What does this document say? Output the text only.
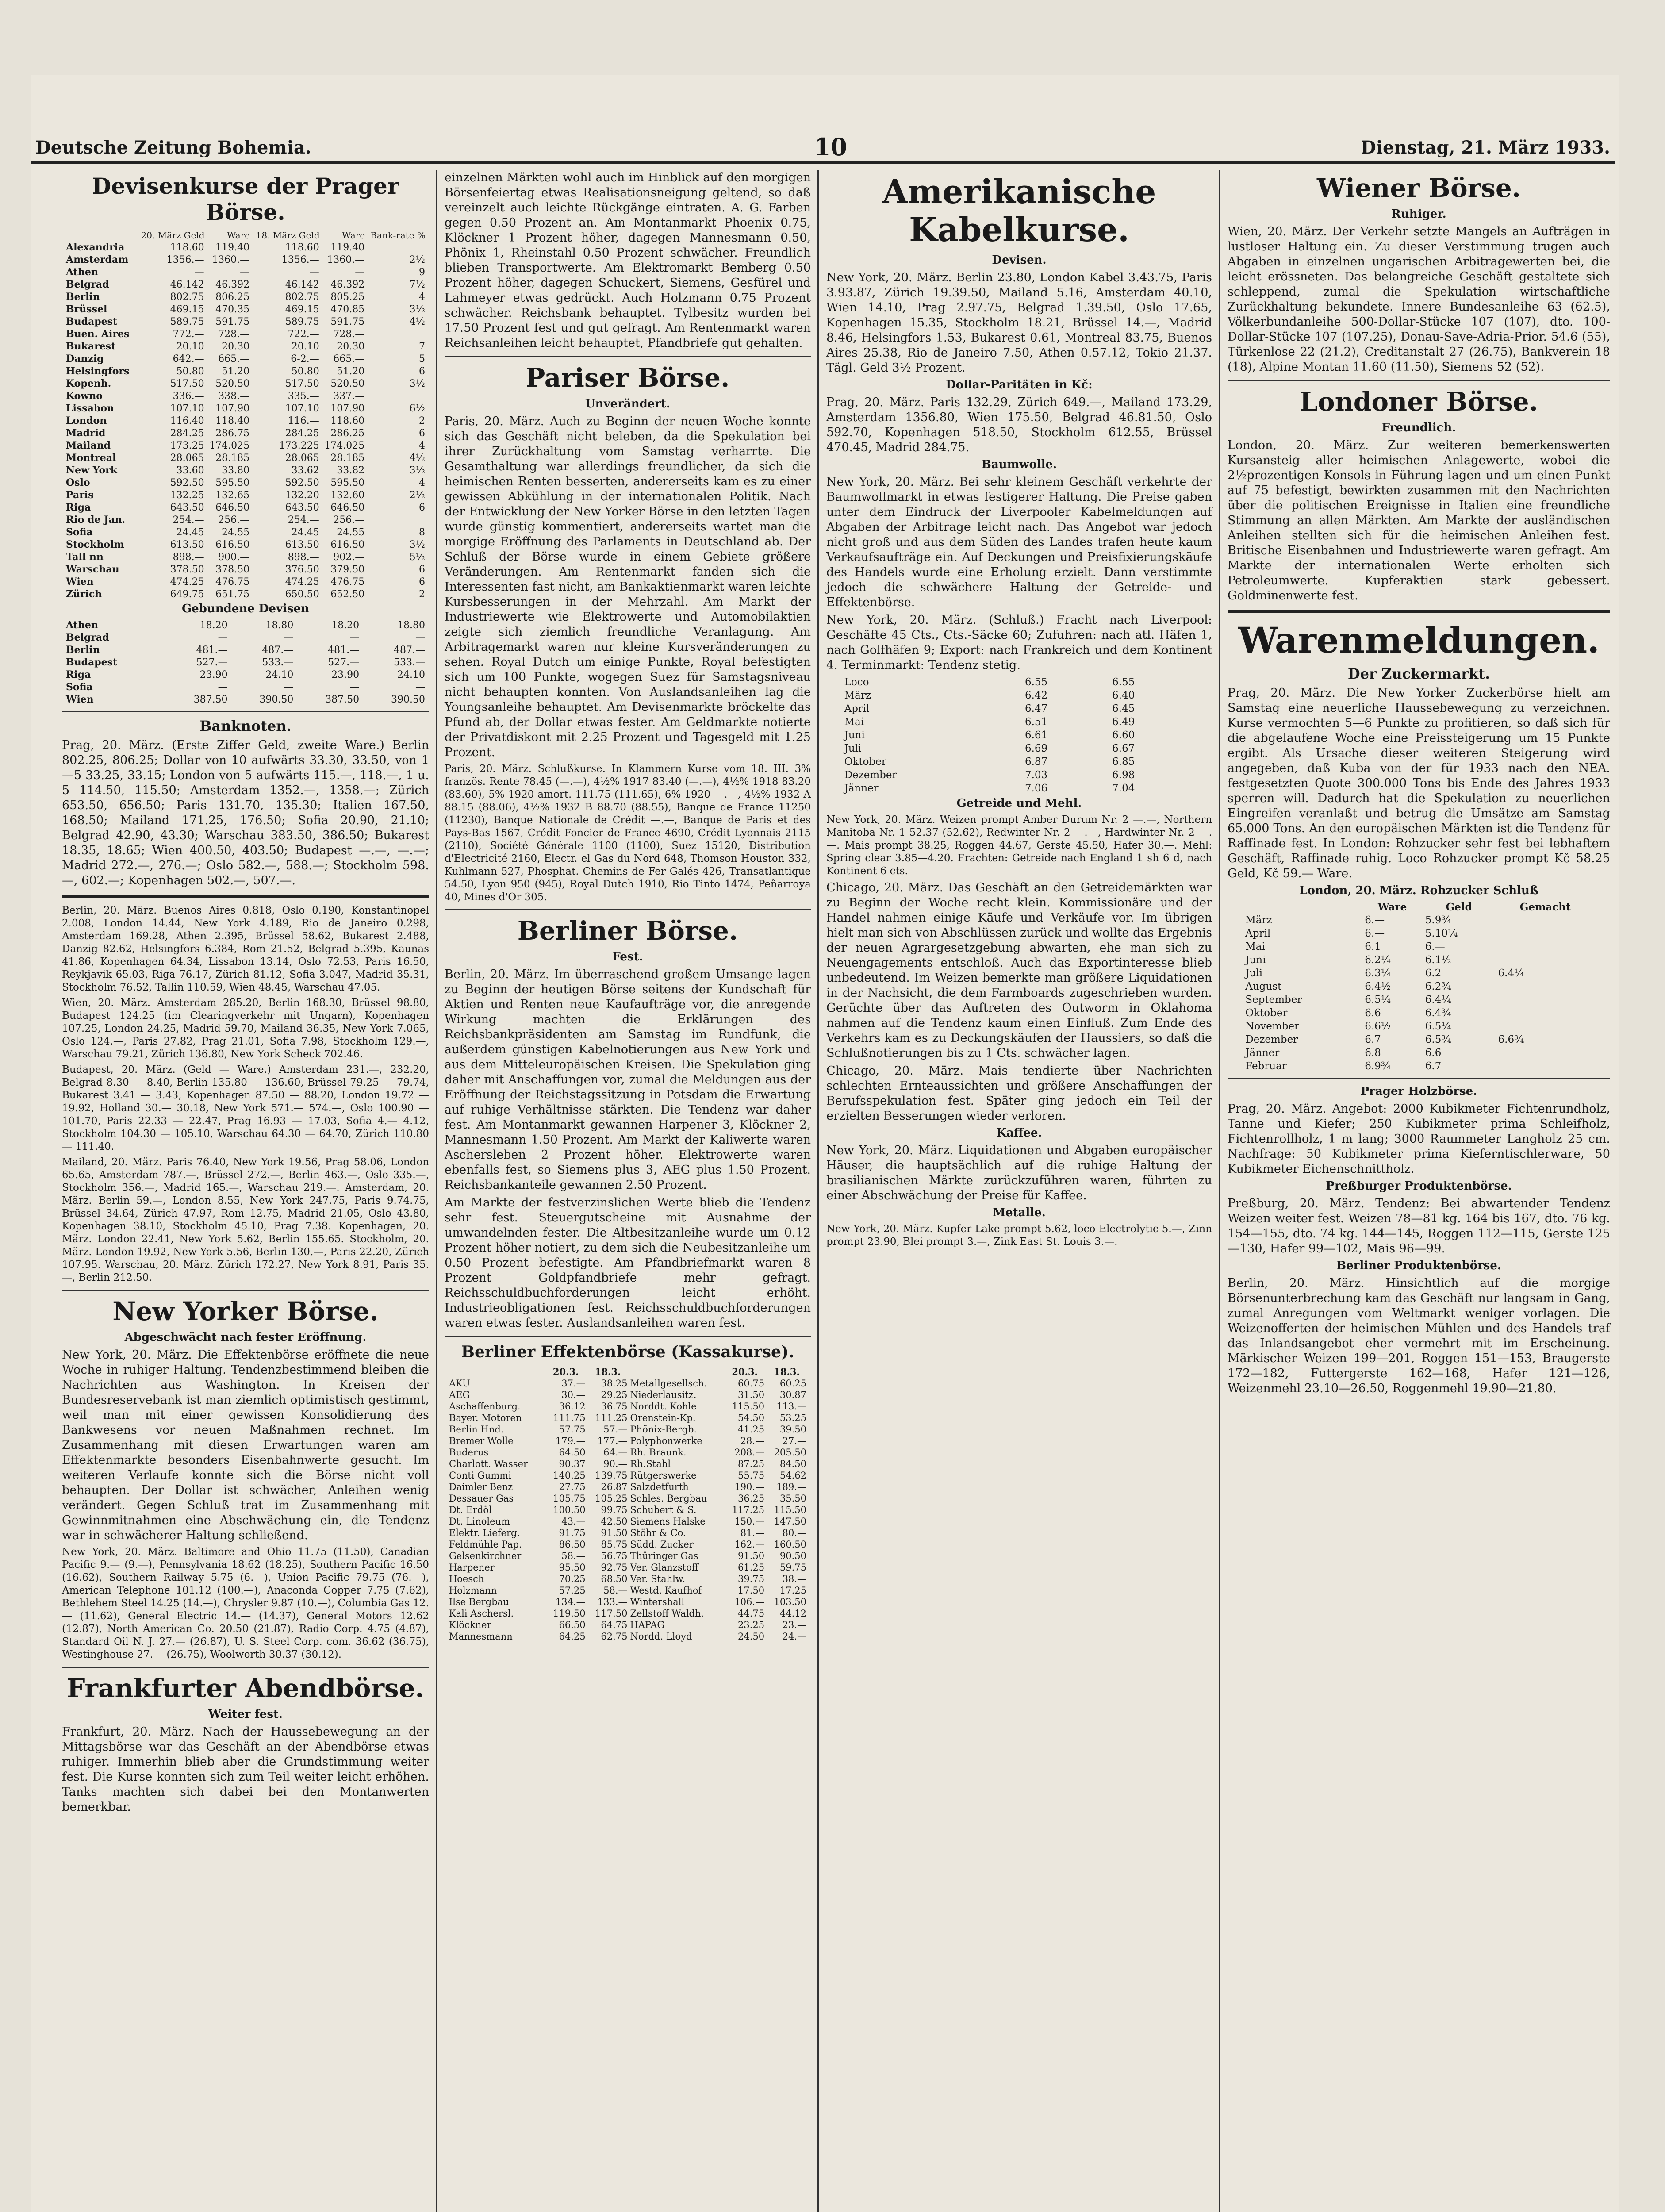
Deutsche Zeitung Bohemia.	10	Dienstag, 21. März 1933.
Devisenkurse der Prager Börse.
	20. März Geld	Ware	18. März Geld	Ware	Bank-rate %
Alexandria	118.60	119.40	118.60	119.40	
Amsterdam	1356.—	1360.—	1356.—	1360.—	2½
Athen	—	—	—	—	9
Belgrad	46.142	46.392	46.142	46.392	7½
Berlin	802.75	806.25	802.75	805.25	4
Brüssel	469.15	470.35	469.15	470.85	3½
Budapest	589.75	591.75	589.75	591.75	4½
Buen. Aires	772.—	728.—	722.—	728.—	
Bukarest	20.10	20.30	20.10	20.30	7
Danzig	642.—	665.—	6-2.—	665.—	5
Helsingfors	50.80	51.20	50.80	51.20	6
Kopenh.	517.50	520.50	517.50	520.50	3½
Kowno	336.—	338.—	335.—	337.—	
Lissabon	107.10	107.90	107.10	107.90	6½
London	116.40	118.40	116.—	118.60	2
Madrid	284.25	286.75	284.25	286.25	6
Mailand	173.25	174.025	173.225	174.025	4
Montreal	28.065	28.185	28.065	28.185	4½
New York	33.60	33.80	33.62	33.82	3½
Oslo	592.50	595.50	592.50	595.50	4
Paris	132.25	132.65	132.20	132.60	2½
Riga	643.50	646.50	643.50	646.50	6
Rio de Jan.	254.—	256.—	254.—	256.—	
Sofia	24.45	24.55	24.45	24.55	8
Stockholm	613.50	616.50	613.50	616.50	3½
Tall nn	898.—	900.—	898.—	902.—	5½
Warschau	378.50	378.50	376.50	379.50	6
Wien	474.25	476.75	474.25	476.75	6
Zürich	649.75	651.75	650.50	652.50	2
Gebundene Devisen
Athen	18.20	18.80	18.20	18.80
Belgrad	—	—	—	—
Berlin	481.—	487.—	481.—	487.—
Budapest	527.—	533.—	527.—	533.—
Riga	23.90	24.10	23.90	24.10
Sofia	—	—	—	—
Wien	387.50	390.50	387.50	390.50
Banknoten.
Prag, 20. März. (Erste Ziffer Geld, zweite Ware.) Berlin 802.25, 806.25; Dollar von 10 aufwärts 33.30, 33.50, von 1—5 33.25, 33.15; London von 5 aufwärts 115.—, 118.—, 1 u. 5 114.50, 115.50; Amsterdam 1352.—, 1358.—; Zürich 653.50, 656.50; Paris 131.70, 135.30; Italien 167.50, 168.50; Mailand 171.25, 176.50; Sofia 20.90, 21.10; Belgrad 42.90, 43.30; Warschau 383.50, 386.50; Bukarest 18.35, 18.65; Wien 400.50, 403.50; Budapest —.—, —.—; Madrid 272.—, 276.—; Oslo 582.—, 588.—; Stockholm 598.—, 602.—; Kopenhagen 502.—, 507.—.
Berlin, 20. März. Buenos Aires 0.818, Oslo 0.190, Konstantinopel 2.008, London 14.44, New York 4.189, Rio de Janeiro 0.298, Amsterdam 169.28, Athen 2.395, Brüssel 58.62, Bukarest 2.488, Danzig 82.62, Helsingfors 6.384, Rom 21.52, Belgrad 5.395, Kaunas 41.86, Kopenhagen 64.34, Lissabon 13.14, Oslo 72.53, Paris 16.50, Reykjavik 65.03, Riga 76.17, Zürich 81.12, Sofia 3.047, Madrid 35.31, Stockholm 76.52, Tallin 110.59, Wien 48.45, Warschau 47.05.
Wien, 20. März. Amsterdam 285.20, Berlin 168.30, Brüssel 98.80, Budapest 124.25 (im Clearingverkehr mit Ungarn), Kopenhagen 107.25, London 24.25, Madrid 59.70, Mailand 36.35, New York 7.065, Oslo 124.—, Paris 27.82, Prag 21.01, Sofia 7.98, Stockholm 129.—, Warschau 79.21, Zürich 136.80, New York Scheck 702.46.
Budapest, 20. März. (Geld — Ware.) Amsterdam 231.—, 232.20, Belgrad 8.30 — 8.40, Berlin 135.80 — 136.60, Brüssel 79.25 — 79.74, Bukarest 3.41 — 3.43, Kopenhagen 87.50 — 88.20, London 19.72 — 19.92, Holland 30.— 30.18, New York 571.— 574.—, Oslo 100.90 — 101.70, Paris 22.33 — 22.47, Prag 16.93 — 17.03, Sofia 4.— 4.12, Stockholm 104.30 — 105.10, Warschau 64.30 — 64.70, Zürich 110.80 — 111.40.
Mailand, 20. März. Paris 76.40, New York 19.56, Prag 58.06, London 65.65, Amsterdam 787.—, Brüssel 272.—, Berlin 463.—, Oslo 335.—, Stockholm 356.—, Madrid 165.—, Warschau 219.—. Amsterdam, 20. März. Berlin 59.—, London 8.55, New York 247.75, Paris 9.74.75, Brüssel 34.64, Zürich 47.97, Rom 12.75, Madrid 21.05, Oslo 43.80, Kopenhagen 38.10, Stockholm 45.10, Prag 7.38. Kopenhagen, 20. März. London 22.41, New York 5.62, Berlin 155.65. Stockholm, 20. März. London 19.92, New York 5.56, Berlin 130.—, Paris 22.20, Zürich 107.95. Warschau, 20. März. Zürich 172.27, New York 8.91, Paris 35.—, Berlin 212.50.
New Yorker Börse.
Abgeschwächt nach fester Eröffnung.
New York, 20. März. Die Effektenbörse eröffnete die neue Woche in ruhiger Haltung. Tendenzbestimmend bleiben die Nachrichten aus Washington. In Kreisen der Bundesreservebank ist man ziemlich optimistisch gestimmt, weil man mit einer gewissen Konsolidierung des Bankwesens vor neuen Maßnahmen rechnet. Im Zusammenhang mit diesen Erwartungen waren am Effektenmarkte besonders Eisenbahnwerte gesucht. Im weiteren Verlaufe konnte sich die Börse nicht voll behaupten. Der Dollar ist schwächer, Anleihen wenig verändert. Gegen Schluß trat im Zusammenhang mit Gewinnmitnahmen eine Abschwächung ein, die Tendenz war in schwächerer Haltung schließend.
New York, 20. März. Baltimore and Ohio 11.75 (11.50), Canadian Pacific 9.— (9.—), Pennsylvania 18.62 (18.25), Southern Pacific 16.50 (16.62), Southern Railway 5.75 (6.—), Union Pacific 79.75 (76.—), American Telephone 101.12 (100.—), Anaconda Copper 7.75 (7.62), Bethlehem Steel 14.25 (14.—), Chrysler 9.87 (10.—), Columbia Gas 12.— (11.62), General Electric 14.— (14.37), General Motors 12.62 (12.87), North American Co. 20.50 (21.87), Radio Corp. 4.75 (4.87), Standard Oil N. J. 27.— (26.87), U. S. Steel Corp. com. 36.62 (36.75), Westinghouse 27.— (26.75), Woolworth 30.37 (30.12).
Frankfurter Abendbörse.
Weiter fest.
Frankfurt, 20. März. Nach der Haussebewegung an der Mittagsbörse war das Geschäft an der Abendbörse etwas ruhiger. Immerhin blieb aber die Grundstimmung weiter fest. Die Kurse konnten sich zum Teil weiter leicht erhöhen. Tanks machten sich dabei bei den Montanwerten bemerkbar.
einzelnen Märkten wohl auch im Hinblick auf den morgigen Börsenfeiertag etwas Realisationsneigung geltend, so daß vereinzelt auch leichte Rückgänge eintraten. A. G. Farben gegen 0.50 Prozent an. Am Montanmarkt Phoenix 0.75, Klöckner 1 Prozent höher, dagegen Mannesmann 0.50, Phönix 1, Rheinstahl 0.50 Prozent schwächer. Freundlich blieben Transportwerte. Am Elektromarkt Bemberg 0.50 Prozent höher, dagegen Schuckert, Siemens, Gesfürel und Lahmeyer etwas gedrückt. Auch Holzmann 0.75 Prozent schwächer. Reichsbank behauptet. Tylbesitz wurden bei 17.50 Prozent fest und gut gefragt. Am Rentenmarkt waren Reichsanleihen leicht behauptet, Pfandbriefe gut gehalten.
Pariser Börse.
Unverändert.
Paris, 20. März. Auch zu Beginn der neuen Woche konnte sich das Geschäft nicht beleben, da die Spekulation bei ihrer Zurückhaltung vom Samstag verharrte. Die Gesamthaltung war allerdings freundlicher, da sich die heimischen Renten besserten, andererseits kam es zu einer gewissen Abkühlung in der internationalen Politik. Nach der Entwicklung der New Yorker Börse in den letzten Tagen wurde günstig kommentiert, andererseits wartet man die morgige Eröffnung des Parlaments in Deutschland ab. Der Schluß der Börse wurde in einem Gebiete größere Veränderungen. Am Rentenmarkt fanden sich die Interessenten fast nicht, am Bankaktienmarkt waren leichte Kursbesserungen in der Mehrzahl. Am Markt der Industriewerte wie Elektrowerte und Automobilaktien zeigte sich ziemlich freundliche Veranlagung. Am Arbitragemarkt waren nur kleine Kursveränderungen zu sehen. Royal Dutch um einige Punkte, Royal befestigten sich um 100 Punkte, wogegen Suez für Samstagsniveau nicht behaupten konnten. Von Auslandsanleihen lag die Youngsanleihe behauptet. Am Devisenmarkte bröckelte das Pfund ab, der Dollar etwas fester. Am Geldmarkte notierte der Privatdiskont mit 2.25 Prozent und Tagesgeld mit 1.25 Prozent.
Paris, 20. März. Schlußkurse. In Klammern Kurse vom 18. III. 3% französ. Rente 78.45 (—.—), 4½% 1917 83.40 (—.—), 4½% 1918 83.20 (83.60), 5% 1920 amort. 111.75 (111.65), 6% 1920 —.—, 4½% 1932 A 88.15 (88.06), 4½% 1932 B 88.70 (88.55), Banque de France 11250 (11230), Banque Nationale de Crédit —.—, Banque de Paris et des Pays-Bas 1567, Crédit Foncier de France 4690, Crédit Lyonnais 2115 (2110), Société Générale 1100 (1100), Suez 15120, Distribution d'Electricité 2160, Electr. el Gas du Nord 648, Thomson Houston 332, Kuhlmann 527, Phosphat. Chemins de Fer Galés 426, Transatlantique 54.50, Lyon 950 (945), Royal Dutch 1910, Rio Tinto 1474, Peñarroya 40, Mines d'Or 305.
Berliner Börse.
Fest.
Berlin, 20. März. Im überraschend großem Umsange lagen zu Beginn der heutigen Börse seitens der Kundschaft für Aktien und Renten neue Kaufaufträge vor, die anregende Wirkung machten die Erklärungen des Reichsbankpräsidenten am Samstag im Rundfunk, die außerdem günstigen Kabelnotierungen aus New York und aus dem Mitteleuropäischen Kreisen. Die Spekulation ging daher mit Anschaffungen vor, zumal die Meldungen aus der Eröffnung der Reichstagssitzung in Potsdam die Erwartung auf ruhige Verhältnisse stärkten. Die Tendenz war daher fest. Am Montanmarkt gewannen Harpener 3, Klöckner 2, Mannesmann 1.50 Prozent. Am Markt der Kaliwerte waren Aschersleben 2 Prozent höher. Elektrowerte waren ebenfalls fest, so Siemens plus 3, AEG plus 1.50 Prozent. Reichsbankanteile gewannen 2.50 Prozent.
Am Markte der festverzinslichen Werte blieb die Tendenz sehr fest. Steuergutscheine mit Ausnahme der umwandelnden fester. Die Altbesitzanleihe wurde um 0.12 Prozent höher notiert, zu dem sich die Neubesitzanleihe um 0.50 Prozent befestigte. Am Pfandbriefmarkt waren 8 Prozent Goldpfandbriefe mehr gefragt. Reichsschuldbuchforderungen leicht erhöht. Industrieobligationen fest. Reichsschuldbuchforderungen waren etwas fester. Auslandsanleihen waren fest.
Berliner Effektenbörse (Kassakurse).
	20.3.	18.3.		20.3.	18.3.
AKU	37.—	38.25	Metallgesellsch.	60.75	60.25
AEG	30.—	29.25	Niederlausitz.	31.50	30.87
Aschaffenburg.	36.12	36.75	Norddt. Kohle	115.50	113.—
Bayer. Motoren	111.75	111.25	Orenstein-Kp.	54.50	53.25
Berlin Hnd.	57.75	57.—	Phönix-Bergb.	41.25	39.50
Bremer Wolle	179.—	177.—	Polyphonwerke	28.—	27.—
Buderus	64.50	64.—	Rh. Braunk.	208.—	205.50
Charlott. Wasser	90.37	90.—	Rh.Stahl	87.25	84.50
Conti Gummi	140.25	139.75	Rütgerswerke	55.75	54.62
Daimler Benz	27.75	26.87	Salzdetfurth	190.—	189.—
Dessauer Gas	105.75	105.25	Schles. Bergbau	36.25	35.50
Dt. Erdöl	100.50	99.75	Schubert & S.	117.25	115.50
Dt. Linoleum	43.—	42.50	Siemens Halske	150.—	147.50
Elektr. Lieferg.	91.75	91.50	Stöhr & Co.	81.—	80.—
Feldmühle Pap.	86.50	85.75	Südd. Zucker	162.—	160.50
Gelsenkirchner	58.—	56.75	Thüringer Gas	91.50	90.50
Harpener	95.50	92.75	Ver. Glanzstoff	61.25	59.75
Hoesch	70.25	68.50	Ver. Stahlw.	39.75	38.—
Holzmann	57.25	58.—	Westd. Kaufhof	17.50	17.25
Ilse Bergbau	134.—	133.—	Wintershall	106.—	103.50
Kali Aschersl.	119.50	117.50	Zellstoff Waldh.	44.75	44.12
Klöckner	66.50	64.75	HAPAG	23.25	23.—
Mannesmann	64.25	62.75	Nordd. Lloyd	24.50	24.—
Amerikanische Kabelkurse.
Devisen.
New York, 20. März. Berlin 23.80, London Kabel 3.43.75, Paris 3.93.87, Zürich 19.39.50, Mailand 5.16, Amsterdam 40.10, Wien 14.10, Prag 2.97.75, Belgrad 1.39.50, Oslo 17.65, Kopenhagen 15.35, Stockholm 18.21, Brüssel 14.—, Madrid 8.46, Helsingfors 1.53, Bukarest 0.61, Montreal 83.75, Buenos Aires 25.38, Rio de Janeiro 7.50, Athen 0.57.12, Tokio 21.37. Tägl. Geld 3½ Prozent.
Dollar-Paritäten in Kč:
Prag, 20. März. Paris 132.29, Zürich 649.—, Mailand 173.29, Amsterdam 1356.80, Wien 175.50, Belgrad 46.81.50, Oslo 592.70, Kopenhagen 518.50, Stockholm 612.55, Brüssel 470.45, Madrid 284.75.
Baumwolle.
New York, 20. März. Bei sehr kleinem Geschäft verkehrte der Baumwollmarkt in etwas festigerer Haltung. Die Preise gaben unter dem Eindruck der Liverpooler Kabelmeldungen auf Abgaben der Arbitrage leicht nach. Das Angebot war jedoch nicht groß und aus dem Süden des Landes trafen heute kaum Verkaufsaufträge ein. Auf Deckungen und Preisfixierungskäufe des Handels wurde eine Erholung erzielt. Dann verstimmte jedoch die schwächere Haltung der Getreide- und Effektenbörse.
New York, 20. März. (Schluß.) Fracht nach Liverpool: Geschäfte 45 Cts., Cts.-Säcke 60; Zufuhren: nach atl. Häfen 1, nach Golfhäfen 9; Export: nach Frankreich und dem Kontinent 4. Terminmarkt: Tendenz stetig.
Loco	6.55	6.55
März	6.42	6.40
April	6.47	6.45
Mai	6.51	6.49
Juni	6.61	6.60
Juli	6.69	6.67
Oktober	6.87	6.85
Dezember	7.03	6.98
Jänner	7.06	7.04
Getreide und Mehl.
New York, 20. März. Weizen prompt Amber Durum Nr. 2 —.—, Northern Manitoba Nr. 1 52.37 (52.62), Redwinter Nr. 2 —.—, Hardwinter Nr. 2 —.—. Mais prompt 38.25, Roggen 44.67, Gerste 45.50, Hafer 30.—. Mehl: Spring clear 3.85—4.20. Frachten: Getreide nach England 1 sh 6 d, nach Kontinent 6 cts.
Chicago, 20. März. Das Geschäft an den Getreidemärkten war zu Beginn der Woche recht klein. Kommissionäre und der Handel nahmen einige Käufe und Verkäufe vor. Im übrigen hielt man sich von Abschlüssen zurück und wollte das Ergebnis der neuen Agrargesetzgebung abwarten, ehe man sich zu Neuengagements entschloß. Auch das Exportinteresse blieb unbedeutend. Im Weizen bemerkte man größere Liquidationen in der Nachsicht, die dem Farmboards zugeschrieben wurden. Gerüchte über das Auftreten des Outworm in Oklahoma nahmen auf die Tendenz kaum einen Einfluß. Zum Ende des Verkehrs kam es zu Deckungskäufen der Haussiers, so daß die Schlußnotierungen bis zu 1 Cts. schwächer lagen.
Chicago, 20. März. Mais tendierte über Nachrichten schlechten Ernteaussichten und größere Anschaffungen der Berufsspekulation fest. Später ging jedoch ein Teil der erzielten Besserungen wieder verloren.
Kaffee.
New York, 20. März. Liquidationen und Abgaben europäischer Häuser, die hauptsächlich auf die ruhige Haltung der brasilianischen Märkte zurückzuführen waren, führten zu einer Abschwächung der Preise für Kaffee.
Metalle.
New York, 20. März. Kupfer Lake prompt 5.62, loco Electrolytic 5.—, Zinn prompt 23.90, Blei prompt 3.—, Zink East St. Louis 3.—.
Wiener Börse.
Ruhiger.
Wien, 20. März. Der Verkehr setzte Mangels an Aufträgen in lustloser Haltung ein. Zu dieser Verstimmung trugen auch Abgaben in einzelnen ungarischen Arbitragewerten bei, die leicht erössneten. Das belangreiche Geschäft gestaltete sich schleppend, zumal die Spekulation wirtschaftliche Zurückhaltung bekundete. Innere Bundesanleihe 63 (62.5), Völkerbundanleihe 500-Dollar-Stücke 107 (107), dto. 100-Dollar-Stücke 107 (107.25), Donau-Save-Adria-Prior. 54.6 (55), Türkenlose 22 (21.2), Creditanstalt 27 (26.75), Bankverein 18 (18), Alpine Montan 11.60 (11.50), Siemens 52 (52).
Londoner Börse.
Freundlich.
London, 20. März. Zur weiteren bemerkenswerten Kursansteig aller heimischen Anlagewerte, wobei die 2½prozentigen Konsols in Führung lagen und um einen Punkt auf 75 befestigt, bewirkten zusammen mit den Nachrichten über die politischen Ereignisse in Italien eine freundliche Stimmung an allen Märkten. Am Markte der ausländischen Anleihen stellten sich für die heimischen Anleihen fest. Britische Eisenbahnen und Industriewerte waren gefragt. Am Markte der internationalen Werte erholten sich Petroleumwerte. Kupferaktien stark gebessert. Goldminenwerte fest.
Warenmeldungen.
Der Zuckermarkt.
Prag, 20. März. Die New Yorker Zuckerbörse hielt am Samstag eine neuerliche Haussebewegung zu verzeichnen. Kurse vermochten 5—6 Punkte zu profitieren, so daß sich für die abgelaufene Woche eine Preissteigerung um 15 Punkte ergibt. Als Ursache dieser weiteren Steigerung wird angegeben, daß Kuba von der für 1933 nach den NEA. festgesetzten Quote 300.000 Tons bis Ende des Jahres 1933 sperren will. Dadurch hat die Spekulation zu neuerlichen Eingreifen veranlaßt und betrug die Umsätze am Samstag 65.000 Tons. An den europäischen Märkten ist die Tendenz für Raffinade fest. In London: Rohzucker sehr fest bei lebhaftem Geschäft, Raffinade ruhig. Loco Rohzucker prompt Kč 58.25 Geld, Kč 59.— Ware.
London, 20. März. Rohzucker Schluß
	Ware	Geld	Gemacht
März	6.—	5.9¾	
April	6.—	5.10¼	
Mai	6.1	6.—	
Juni	6.2¼	6.1½	
Juli	6.3¼	6.2	6.4¼
August	6.4½	6.2¾	
September	6.5¼	6.4¼	
Oktober	6.6	6.4¾	
November	6.6½	6.5¼	
Dezember	6.7	6.5¾	6.6¾
Jänner	6.8	6.6	
Februar	6.9¾	6.7	
Prager Holzbörse.
Prag, 20. März. Angebot: 2000 Kubikmeter Fichtenrundholz, Tanne und Kiefer; 250 Kubikmeter prima Schleifholz, Fichtenrollholz, 1 m lang; 3000 Raummeter Langholz 25 cm. Nachfrage: 50 Kubikmeter prima Kieferntischlerware, 50 Kubikmeter Eichenschnittholz.
Preßburger Produktenbörse.
Preßburg, 20. März. Tendenz: Bei abwartender Tendenz Weizen weiter fest. Weizen 78—81 kg. 164 bis 167, dto. 76 kg. 154—155, dto. 74 kg. 144—145, Roggen 112—115, Gerste 125—130, Hafer 99—102, Mais 96—99.
Berliner Produktenbörse.
Berlin, 20. März. Hinsichtlich auf die morgige Börsenunterbrechung kam das Geschäft nur langsam in Gang, zumal Anregungen vom Weltmarkt weniger vorlagen. Die Weizenofferten der heimischen Mühlen und des Handels traf das Inlandsangebot eher vermehrt mit im Erscheinung. Märkischer Weizen 199—201, Roggen 151—153, Braugerste 172—182, Futtergerste 162—168, Hafer 121—126, Weizenmehl 23.10—26.50, Roggenmehl 19.90—21.80.
